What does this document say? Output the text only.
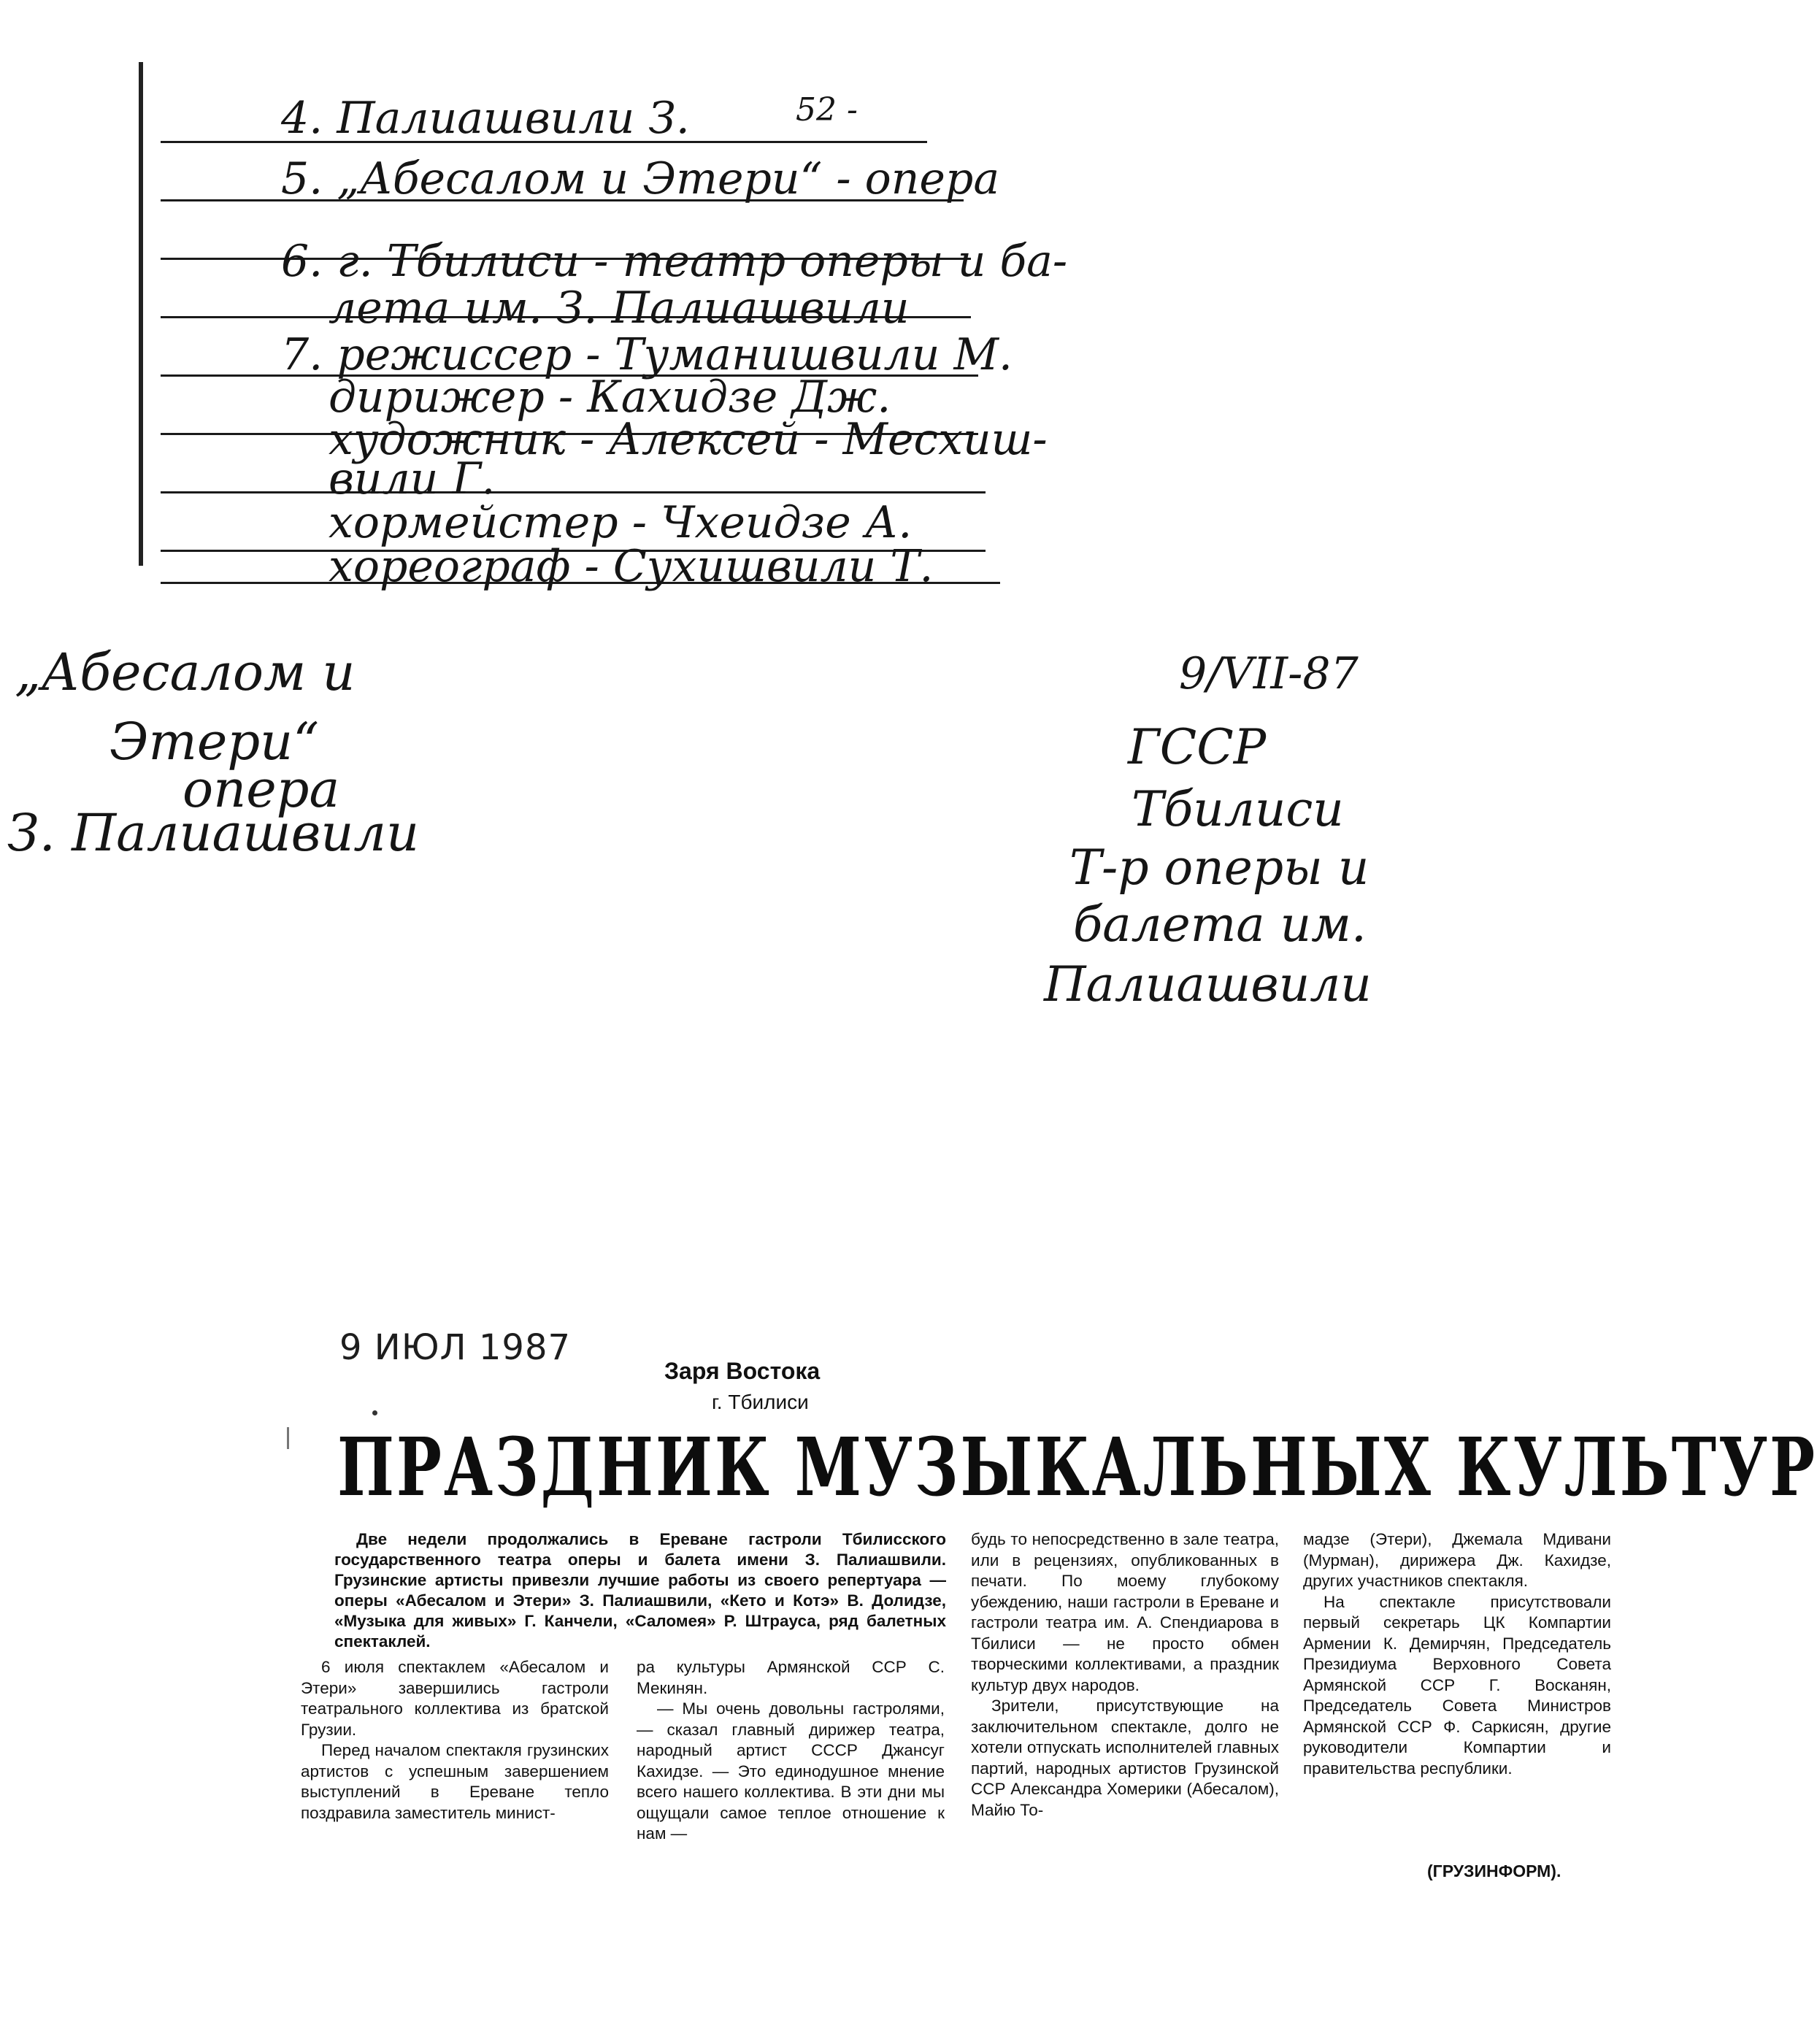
4. Палиашвили З.	52 -
5. „Абесалом и Этери“ - опера
6. г. Тбилиси - театр оперы и ба-
лета им. З. Палиашвили
7. режиссер - Туманишвили М.
дирижер - Кахидзе Дж.
художник - Алексей - Месхиш-
вили Г.
хормейстер - Чхеидзе А.
хореограф - Сухишвили Т.
„Абесалом и
Этери“
опера
З. Палиашвили
9/VII-87
ГССР
Тбилиси
Т-р оперы и
балета им.
Палиашвили
9 ИЮЛ 1987
Заря Востока
г. Тбилиси
ПРАЗДНИК МУЗЫКАЛЬНЫХ КУЛЬТУР
Две недели продолжались в Ереване гастроли Тбилисского государственного театра оперы и балета имени З. Палиашвили. Грузинские артисты привезли лучшие работы из своего репертуара — оперы «Абесалом и Этери» З. Палиашвили, «Кето и Котэ» В. Долидзе, «Музыка для живых» Г. Канчели, «Саломея» Р. Штрауса, ряд балетных спектаклей.

6 июля спектаклем «Абесалом и Этери» завершились гастроли театрального коллектива из братской Грузии.

Перед началом спектакля грузинских артистов с успешным завершением выступлений в Ереване тепло поздравила заместитель минист-

ра культуры Армянской ССР С. Мекинян.

— Мы очень довольны гастролями, — сказал главный дирижер театра, народный артист СССР Джансуг Кахидзе. — Это единодушное мнение всего нашего коллектива. В эти дни мы ощущали самое теплое отношение к нам —

будь то непосредственно в зале театра, или в рецензиях, опубликованных в печати. По моему глубокому убеждению, наши гастроли в Ереване и гастроли театра им. А. Спендиарова в Тбилиси — не просто обмен творческими коллективами, а праздник культур двух народов.

Зрители, присутствующие на заключительном спектакле, долго не хотели отпускать исполнителей главных партий, народных артистов Грузинской ССР Александра Хомерики (Абесалом), Майю То-

мадзе (Этери), Джемала Мдивани (Мурман), дирижера Дж. Кахидзе, других участников спектакля.

На спектакле присутствовали первый секретарь ЦК Компартии Армении К. Демирчян, Председатель Президиума Верховного Совета Армянской ССР Г. Восканян, Председатель Совета Министров Армянской ССР Ф. Саркисян, другие руководители Компартии и правительства республики.

(ГРУЗИНФОРМ).
